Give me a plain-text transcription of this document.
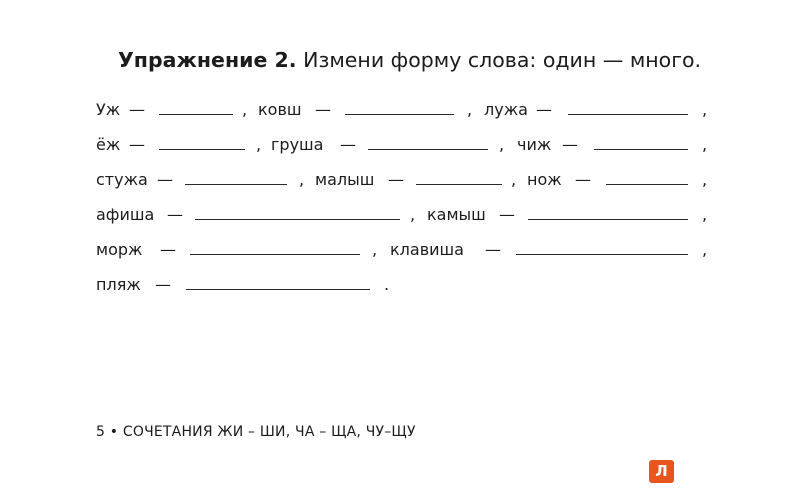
Упражнение 2. Измени форму слова: один — много.
Уж —	, ковш —	, лужа —	,
ёж —	, груша —	, чиж —	,
стужа —	, малыш —	, нож —	,
афиша —	, камыш —	,
морж —	, клавиша —	,
пляж —	.
5 • СОЧЕТАНИЯ ЖИ – ШИ, ЧА – ЩА, ЧУ–ЩУ
Л
